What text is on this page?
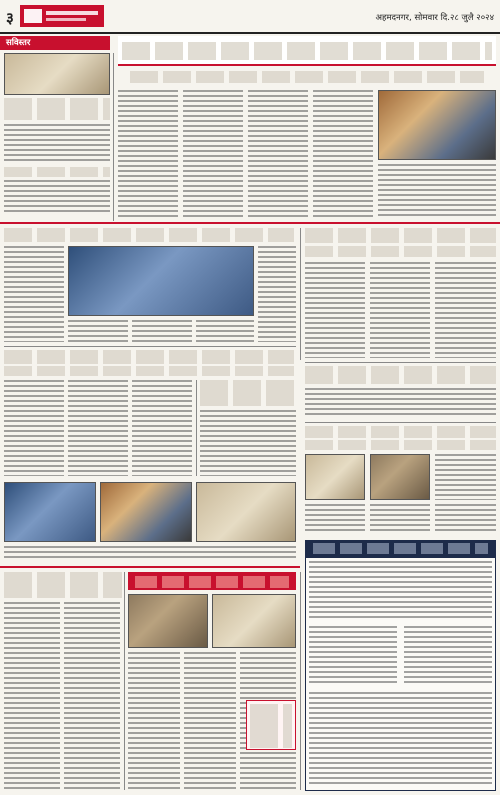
३	अहमदनगर, सोमवार दि.२८ जुलै २०२४
सविस्तर
